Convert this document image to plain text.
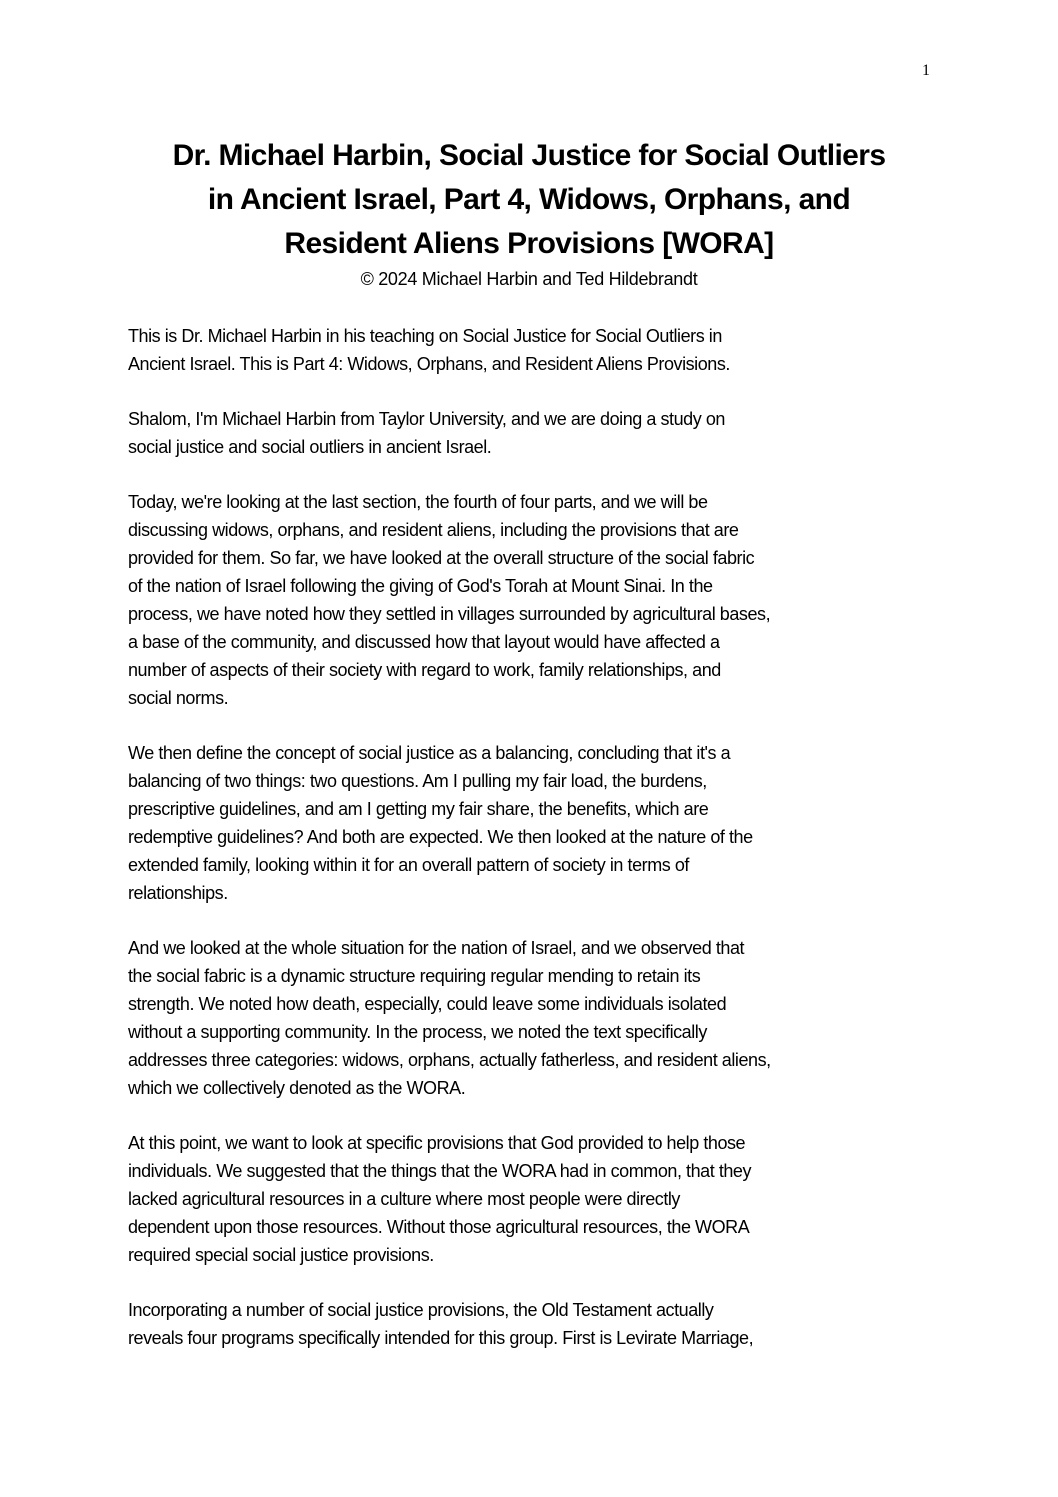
1
Dr. Michael Harbin, Social Justice for Social Outliers
in Ancient Israel, Part 4, Widows, Orphans, and
Resident Aliens Provisions [WORA]
© 2024 Michael Harbin and Ted Hildebrandt

This is Dr. Michael Harbin in his teaching on Social Justice for Social Outliers in
Ancient Israel. This is Part 4: Widows, Orphans, and Resident Aliens Provisions.

Shalom, I'm Michael Harbin from Taylor University, and we are doing a study on
social justice and social outliers in ancient Israel.

Today, we're looking at the last section, the fourth of four parts, and we will be
discussing widows, orphans, and resident aliens, including the provisions that are
provided for them. So far, we have looked at the overall structure of the social fabric
of the nation of Israel following the giving of God's Torah at Mount Sinai. In the
process, we have noted how they settled in villages surrounded by agricultural bases,
a base of the community, and discussed how that layout would have affected a
number of aspects of their society with regard to work, family relationships, and
social norms.

We then define the concept of social justice as a balancing, concluding that it's a
balancing of two things: two questions. Am I pulling my fair load, the burdens,
prescriptive guidelines, and am I getting my fair share, the benefits, which are
redemptive guidelines? And both are expected. We then looked at the nature of the
extended family, looking within it for an overall pattern of society in terms of
relationships.

And we looked at the whole situation for the nation of Israel, and we observed that
the social fabric is a dynamic structure requiring regular mending to retain its
strength. We noted how death, especially, could leave some individuals isolated
without a supporting community. In the process, we noted the text specifically
addresses three categories: widows, orphans, actually fatherless, and resident aliens,
which we collectively denoted as the WORA.

At this point, we want to look at specific provisions that God provided to help those
individuals. We suggested that the things that the WORA had in common, that they
lacked agricultural resources in a culture where most people were directly
dependent upon those resources. Without those agricultural resources, the WORA
required special social justice provisions.

Incorporating a number of social justice provisions, the Old Testament actually
reveals four programs specifically intended for this group. First is Levirate Marriage,
